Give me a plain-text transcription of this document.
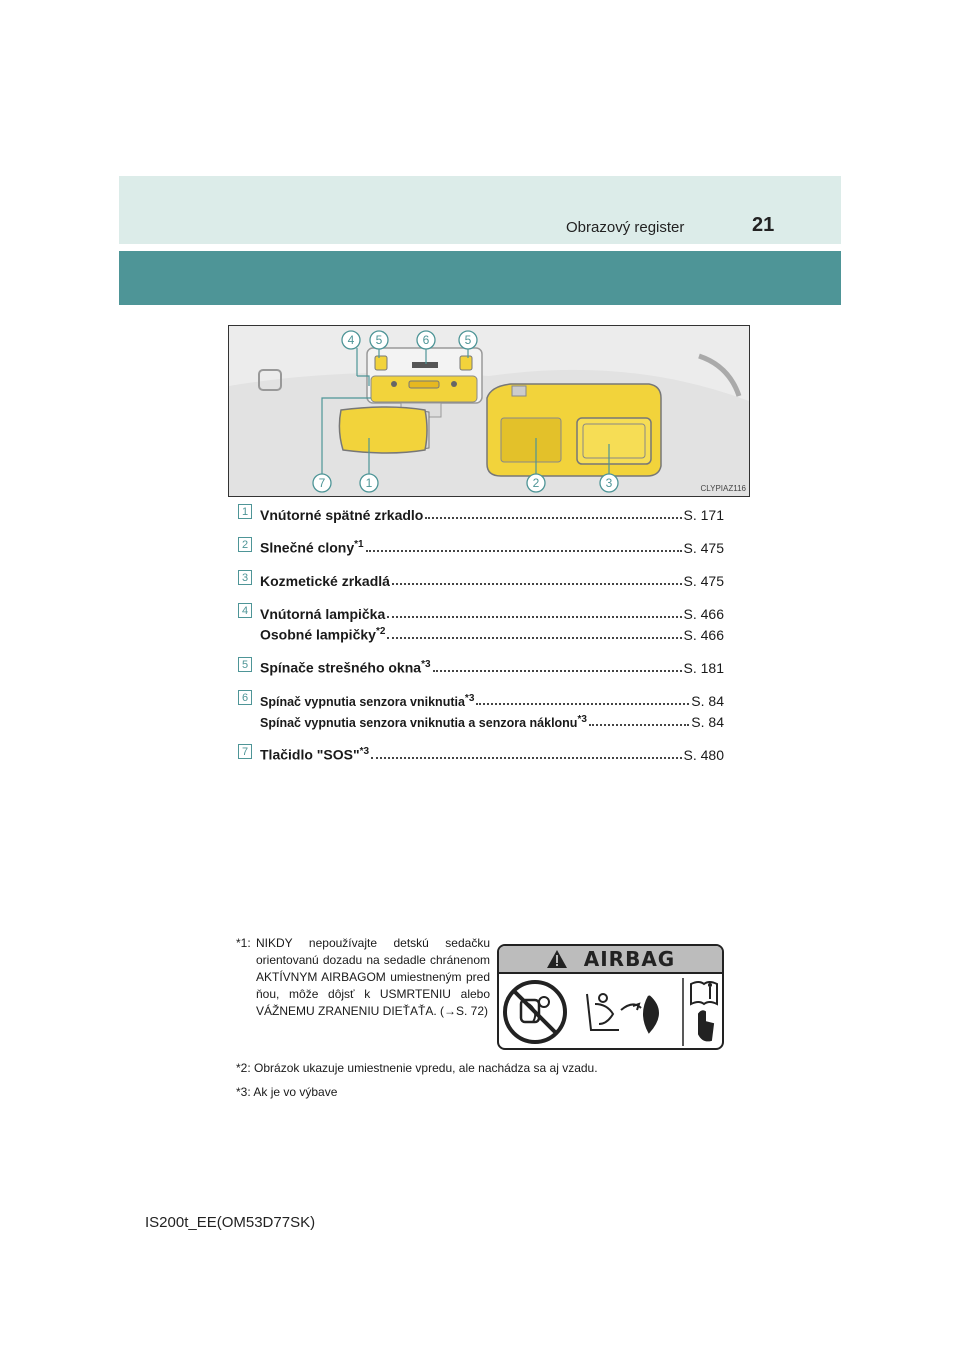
Obrazový register	21
4 5	6	5
7	1	2	3	CLYPIAZ116
1 Vnútorné spätné zrkadlo	S. 171
2 Slnečné clony$^{*1}$	S. 475
3 Kozmetické zrkadlá	S. 475
4 Vnútorná lampička	S. 466
Osobné lampičky$^{*2}$	S. 466
5 Spínače strešného okna$^{*3}$	S. 181
6 Spínač vypnutia senzora vniknutia$^{*3}$	S. 84
Spínač vypnutia senzora vniknutia a senzora náklonu$^{*3}$	S. 84
7 Tlačidlo "SOS"$^{*3}$	S. 480
*1: NIKDY nepoužívajte detskú sedačku orientovanú dozadu na sedadle chránenom AKTÍVNYM AIRBAGOM umiestneným pred ňou, môže dôjsť k USMRTENIU alebo VÁŽNEMU ZRANENIU DIEŤAŤA. (→S. 72)
AIRBAG
*2: Obrázok ukazuje umiestnenie vpredu, ale nachádza sa aj vzadu.
*3: Ak je vo výbave
IS200t_EE(OM53D77SK)
